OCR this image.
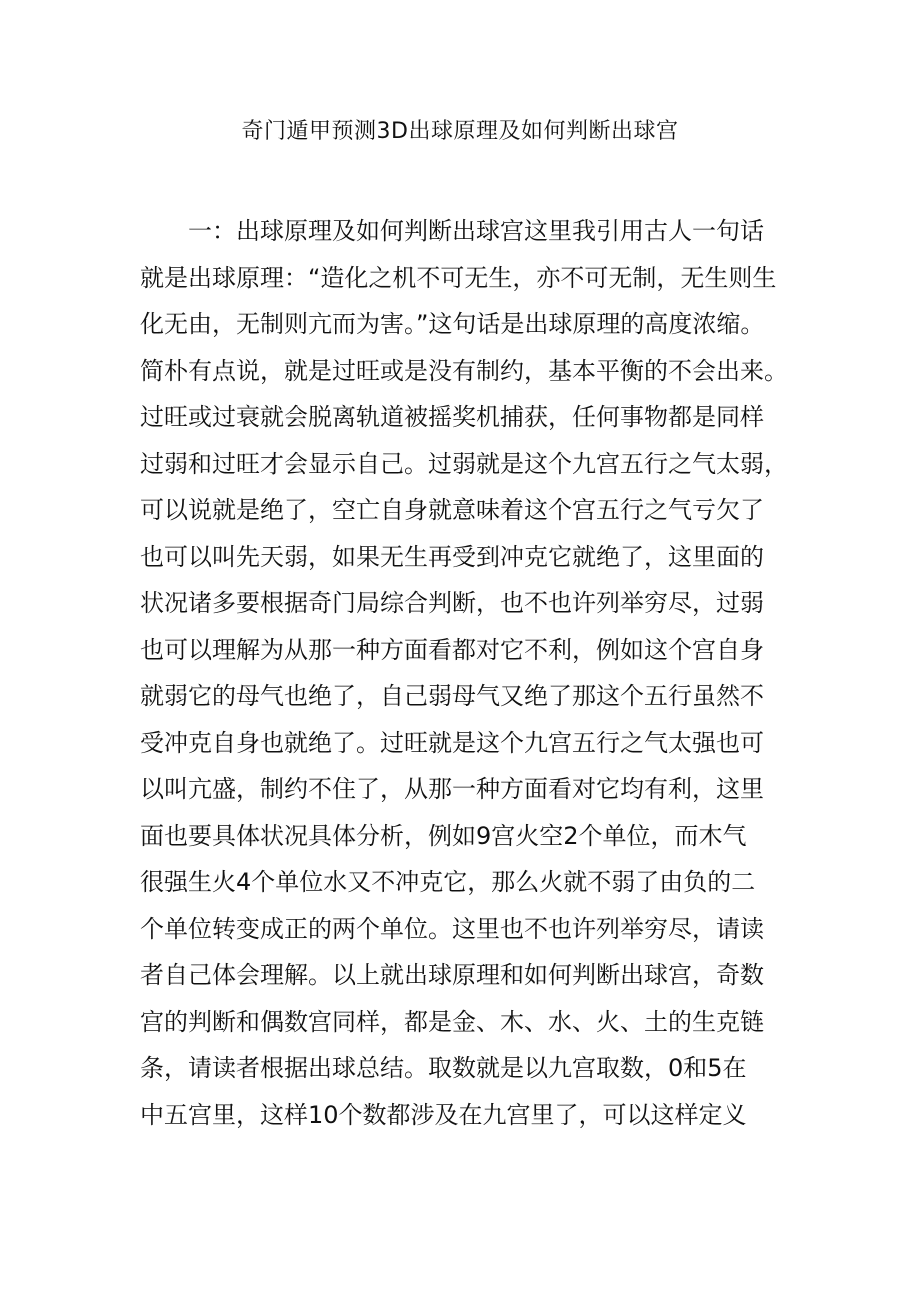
奇门遁甲预测3D出球原理及如何判断出球宫
一：出球原理及如何判断出球宫这里我引用古人一句话
就是出球原理：“造化之机不可无生，亦不可无制，无生则生
化无由，无制则亢而为害。”这句话是出球原理的高度浓缩。
简朴有点说，就是过旺或是没有制约，基本平衡的不会出来。
过旺或过衰就会脱离轨道被摇奖机捕获，任何事物都是同样
过弱和过旺才会显示自己。过弱就是这个九宫五行之气太弱，
可以说就是绝了，空亡自身就意味着这个宫五行之气亏欠了
也可以叫先天弱，如果无生再受到冲克它就绝了，这里面的
状况诸多要根据奇门局综合判断，也不也许列举穷尽，过弱
也可以理解为从那一种方面看都对它不利，例如这个宫自身
就弱它的母气也绝了，自己弱母气又绝了那这个五行虽然不
受冲克自身也就绝了。过旺就是这个九宫五行之气太强也可
以叫亢盛，制约不住了，从那一种方面看对它均有利，这里
面也要具体状况具体分析，例如9宫火空2个单位，而木气
很强生火4个单位水又不冲克它，那么火就不弱了由负的二
个单位转变成正的两个单位。这里也不也许列举穷尽，请读
者自己体会理解。以上就出球原理和如何判断出球宫，奇数
宫的判断和偶数宫同样，都是金、木、水、火、土的生克链
条，请读者根据出球总结。取数就是以九宫取数，0和5在
中五宫里，这样10个数都涉及在九宫里了，可以这样定义
